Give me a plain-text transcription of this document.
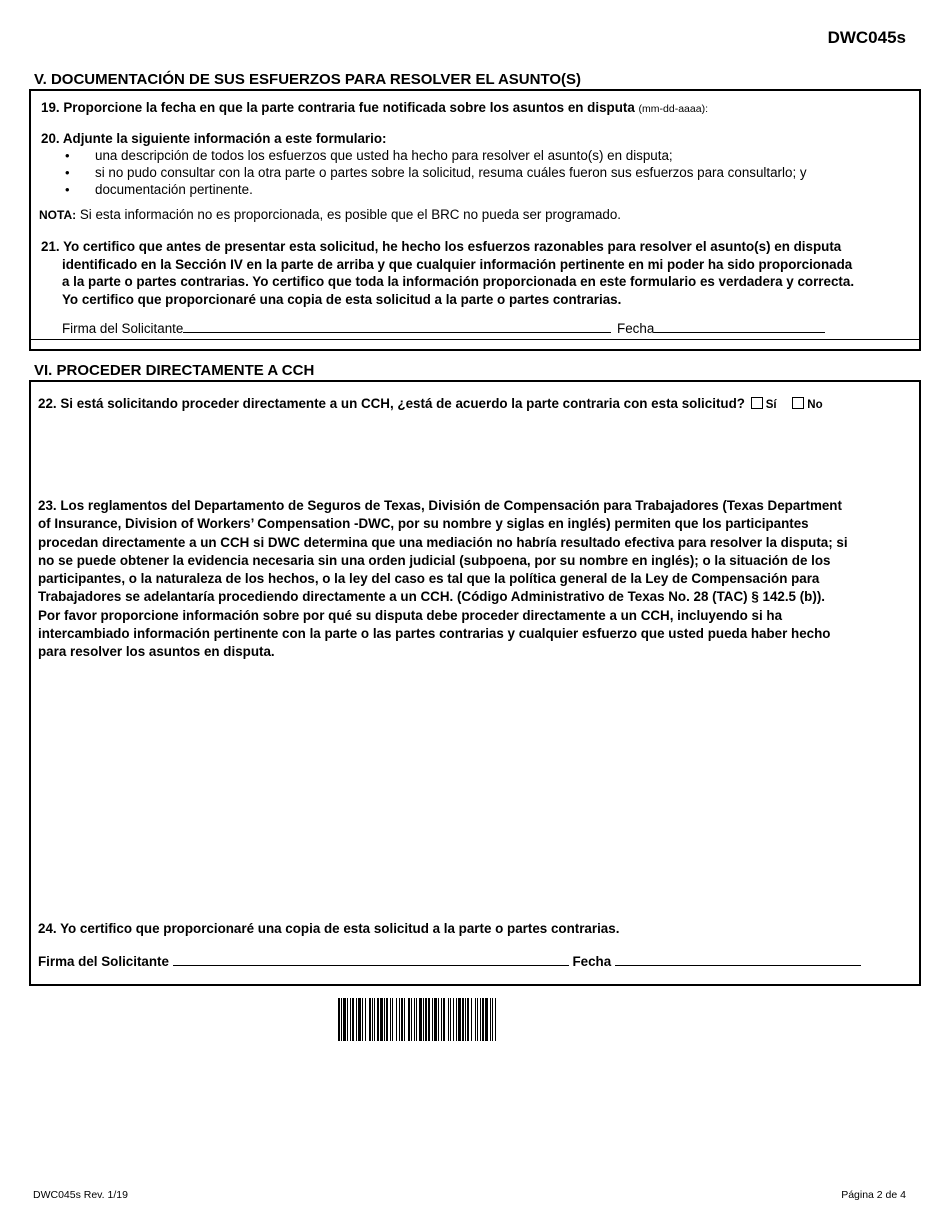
DWC045s
V. DOCUMENTACIÓN DE SUS ESFUERZOS PARA RESOLVER EL ASUNTO(S)
19. Proporcione la fecha en que la parte contraria fue notificada sobre los asuntos en disputa (mm-dd-aaaa):
20. Adjunte la siguiente información a este formulario:
• una descripción de todos los esfuerzos que usted ha hecho para resolver el asunto(s) en disputa;
• si no pudo consultar con la otra parte o partes sobre la solicitud, resuma cuáles fueron sus esfuerzos para consultarlo; y
• documentación pertinente.
NOTA: Si esta información no es proporcionada, es posible que el BRC no pueda ser programado.
21. Yo certifico que antes de presentar esta solicitud, he hecho los esfuerzos razonables para resolver el asunto(s) en disputa
identificado en la Sección IV en la parte de arriba y que cualquier información pertinente en mi poder ha sido proporcionada
a la parte o partes contrarias. Yo certifico que toda la información proporcionada en este formulario es verdadera y correcta.
Yo certifico que proporcionaré una copia de esta solicitud a la parte o partes contrarias.
Firma del Solicitante	Fecha
VI. PROCEDER DIRECTAMENTE A CCH
22. Si está solicitando proceder directamente a un CCH, ¿está de acuerdo la parte contraria con esta solicitud? Sí	No
23. Los reglamentos del Departamento de Seguros de Texas, División de Compensación para Trabajadores (Texas Department
of Insurance, Division of Workers’ Compensation -DWC, por su nombre y siglas en inglés) permiten que los participantes
procedan directamente a un CCH si DWC determina que una mediación no habría resultado efectiva para resolver la disputa; si
no se puede obtener la evidencia necesaria sin una orden judicial (subpoena, por su nombre en inglés); o la situación de los
participantes, o la naturaleza de los hechos, o la ley del caso es tal que la política general de la Ley de Compensación para
Trabajadores se adelantaría procediendo directamente a un CCH. (Código Administrativo de Texas No. 28 (TAC) § 142.5 (b)).
Por favor proporcione información sobre por qué su disputa debe proceder directamente a un CCH, incluyendo si ha
intercambiado información pertinente con la parte o las partes contrarias y cualquier esfuerzo que usted pueda haber hecho
para resolver los asuntos en disputa.
24. Yo certifico que proporcionaré una copia de esta solicitud a la parte o partes contrarias.
Firma del Solicitante	Fecha
DWC045s Rev. 1/19	Página 2 de 4
